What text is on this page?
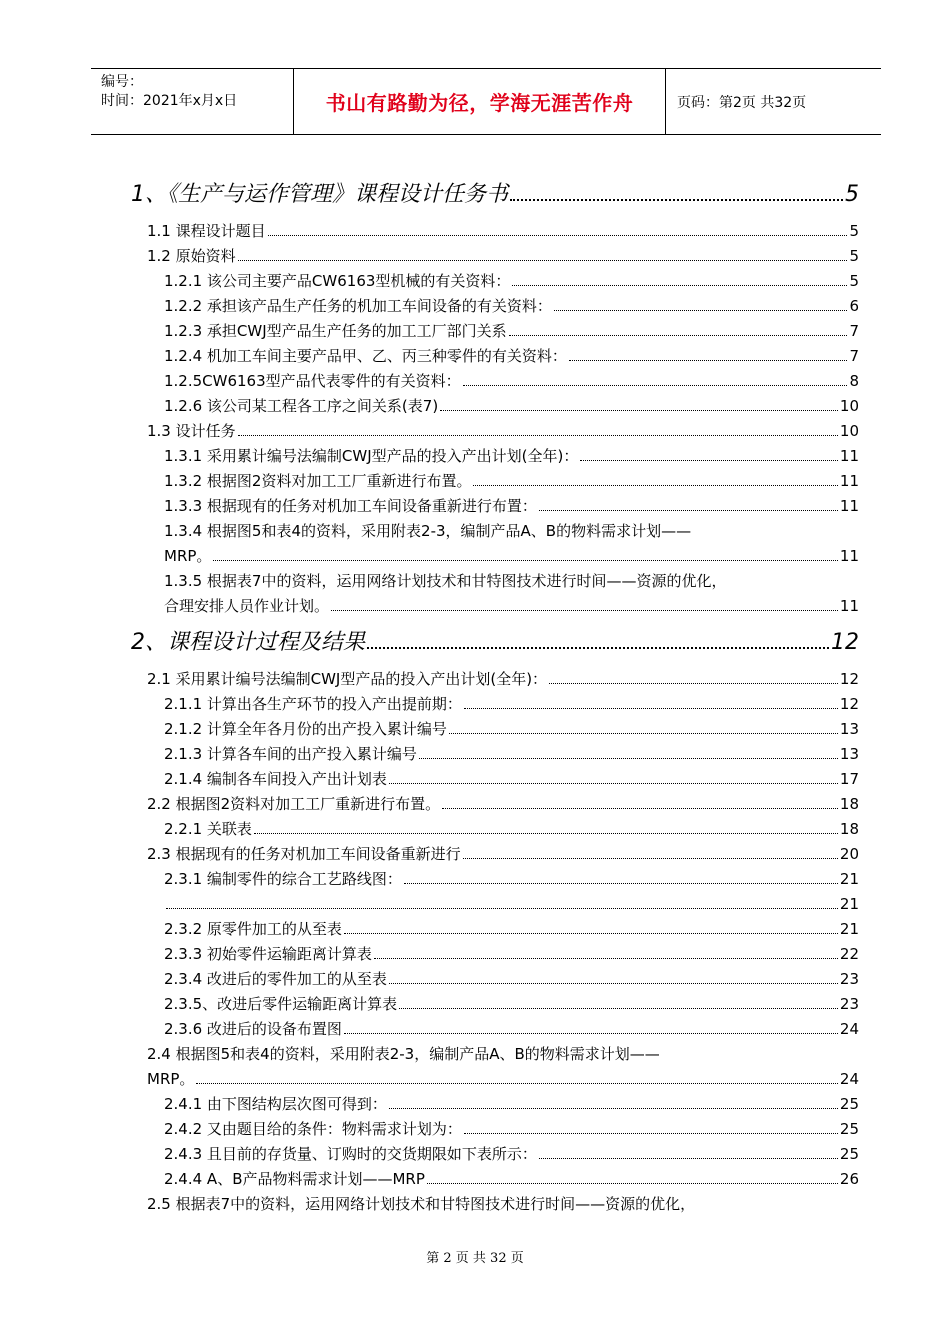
编号：
时间：2021年x月x日	书山有路勤为径，学海无涯苦作舟	页码：第2页 共32页
1、《生产与运作管理》课程设计任务书	5
1.1 课程设计题目	5
1.2 原始资料	5
1.2.1 该公司主要产品CW6163型机械的有关资料：	5
1.2.2 承担该产品生产任务的机加工车间设备的有关资料：	6
1.2.3 承担CWJ型产品生产任务的加工工厂部门关系	7
1.2.4 机加工车间主要产品甲、乙、丙三种零件的有关资料：	7
1.2.5CW6163型产品代表零件的有关资料：	8
1.2.6 该公司某工程各工序之间关系(表7)	10
1.3 设计任务	10
1.3.1 采用累计编号法编制CWJ型产品的投入产出计划(全年)：	11
1.3.2 根据图2资料对加工工厂重新进行布置。	11
1.3.3 根据现有的任务对机加工车间设备重新进行布置：	11
1.3.4 根据图5和表4的资料，采用附表2-3，编制产品A、B的物料需求计划——
MRP。	11
1.3.5 根据表7中的资料，运用网络计划技术和甘特图技术进行时间——资源的优化，
合理安排人员作业计划。	11
2、课程设计过程及结果	12
2.1 采用累计编号法编制CWJ型产品的投入产出计划(全年)：	12
2.1.1 计算出各生产环节的投入产出提前期：	12
2.1.2 计算全年各月份的出产投入累计编号	13
2.1.3 计算各车间的出产投入累计编号	13
2.1.4 编制各车间投入产出计划表	17
2.2 根据图2资料对加工工厂重新进行布置。	18
2.2.1 关联表	18
2.3 根据现有的任务对机加工车间设备重新进行	20
2.3.1 编制零件的综合工艺路线图：	21
21
2.3.2 原零件加工的从至表	21
2.3.3 初始零件运输距离计算表	22
2.3.4 改进后的零件加工的从至表	23
2.3.5、改进后零件运输距离计算表	23
2.3.6 改进后的设备布置图	24
2.4 根据图5和表4的资料，采用附表2-3，编制产品A、B的物料需求计划——
MRP。	24
2.4.1 由下图结构层次图可得到：	25
2.4.2 又由题目给的条件：物料需求计划为：	25
2.4.3 且目前的存货量、订购时的交货期限如下表所示：	25
2.4.4 A、B产品物料需求计划——MRP	26
2.5 根据表7中的资料，运用网络计划技术和甘特图技术进行时间——资源的优化，
第 2 页 共 32 页
